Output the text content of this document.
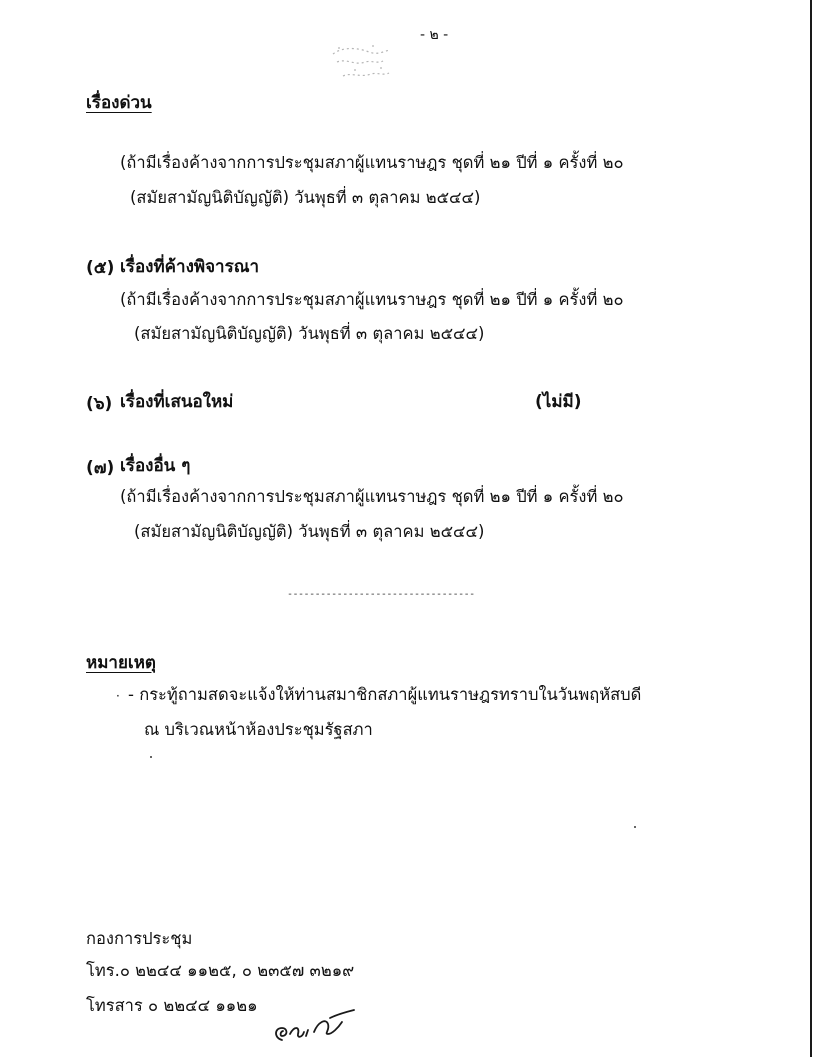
- ๒ -
เรื่องด่วน
(ถ้ามีเรื่องค้างจากการประชุมสภาผู้แทนราษฎร ชุดที่ ๒๑ ปีที่ ๑ ครั้งที่ ๒๐
(สมัยสามัญนิติบัญญัติ) วันพุธที่ ๓ ตุลาคม ๒๕๔๔)
(๕) เรื่องที่ค้างพิจารณา
(ถ้ามีเรื่องค้างจากการประชุมสภาผู้แทนราษฎร ชุดที่ ๒๑ ปีที่ ๑ ครั้งที่ ๒๐
(สมัยสามัญนิติบัญญัติ) วันพุธที่ ๓ ตุลาคม ๒๕๔๔)
(๖) เรื่องที่เสนอใหม่	(ไม่มี)
(๗) เรื่องอื่น ๆ
(ถ้ามีเรื่องค้างจากการประชุมสภาผู้แทนราษฎร ชุดที่ ๒๑ ปีที่ ๑ ครั้งที่ ๒๐
(สมัยสามัญนิติบัญญัติ) วันพุธที่ ๓ ตุลาคม ๒๕๔๔)
----------------------------------
หมายเหตุ
· - กระทู้ถามสดจะแจ้งให้ท่านสมาชิกสภาผู้แทนราษฎรทราบในวันพฤหัสบดี
ณ บริเวณหน้าห้องประชุมรัฐสภา
กองการประชุม
โทร.๐ ๒๒๔๔ ๑๑๒๕, ๐ ๒๓๕๗ ๓๒๑๙
โทรสาร ๐ ๒๒๔๔ ๑๑๒๑
